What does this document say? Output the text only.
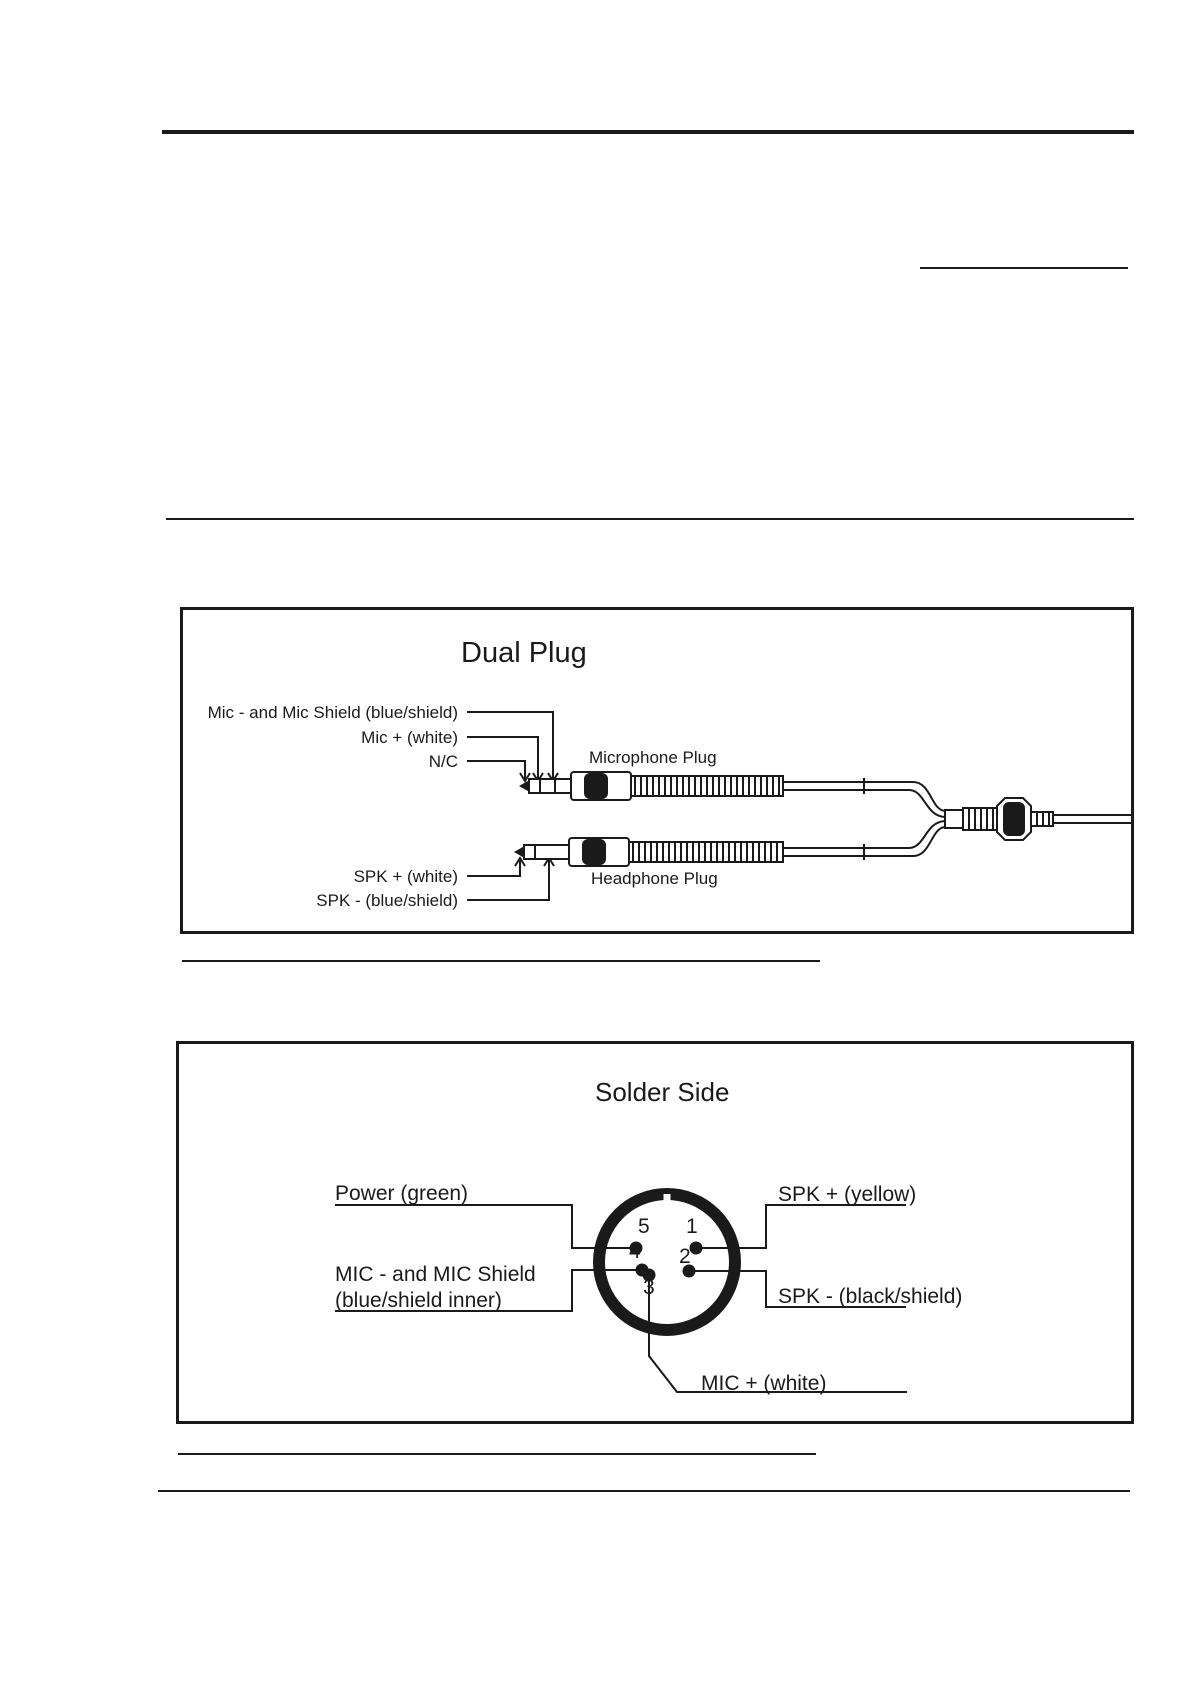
Dual Plug
Mic - and Mic Shield (blue/shield)
Mic + (white)
N/C	Microphone Plug
SPK + (white)
SPK - (blue/shield)
Headphone Plug
Solder Side
Power (green)
MIC - and MIC Shield
(blue/shield inner)
SPK + (yellow)
SPK - (black/shield)
MIC + (white)
1
2
3
4
5
